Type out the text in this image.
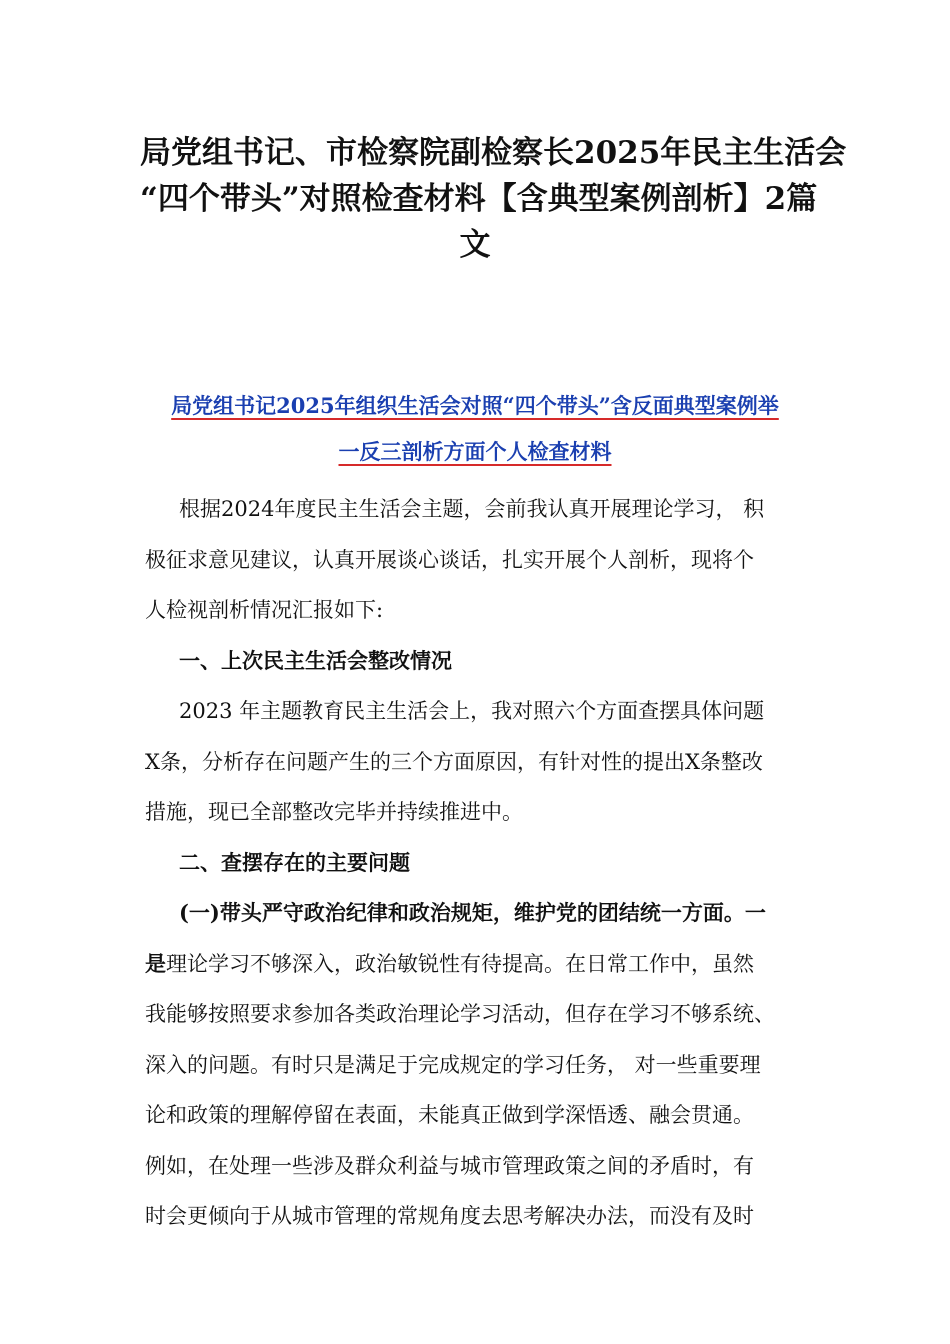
局党组书记、市检察院副检察长2025年民主生活会
“四个带头”对照检查材料【含典型案例剖析】2篇
文
局党组书记2025年组织生活会对照“四个带头”含反面典型案例举
一反三剖析方面个人检查材料
根据2024年度民主生活会主题，会前我认真开展理论学习， 积
极征求意见建议，认真开展谈心谈话，扎实开展个人剖析，现将个
人检视剖析情况汇报如下:
一、上次民主生活会整改情况
2023 年主题教育民主生活会上，我对照六个方面查摆具体问题
X条，分析存在问题产生的三个方面原因，有针对性的提出X条整改
措施，现已全部整改完毕并持续推进中。
二、查摆存在的主要问题
(一)带头严守政治纪律和政治规矩，维护党的团结统一方面。一
是理论学习不够深入，政治敏锐性有待提高。在日常工作中，虽然
我能够按照要求参加各类政治理论学习活动，但存在学习不够系统、
深入的问题。有时只是满足于完成规定的学习任务， 对一些重要理
论和政策的理解停留在表面，未能真正做到学深悟透、融会贯通。
例如，在处理一些涉及群众利益与城市管理政策之间的矛盾时，有
时会更倾向于从城市管理的常规角度去思考解决办法，而没有及时
